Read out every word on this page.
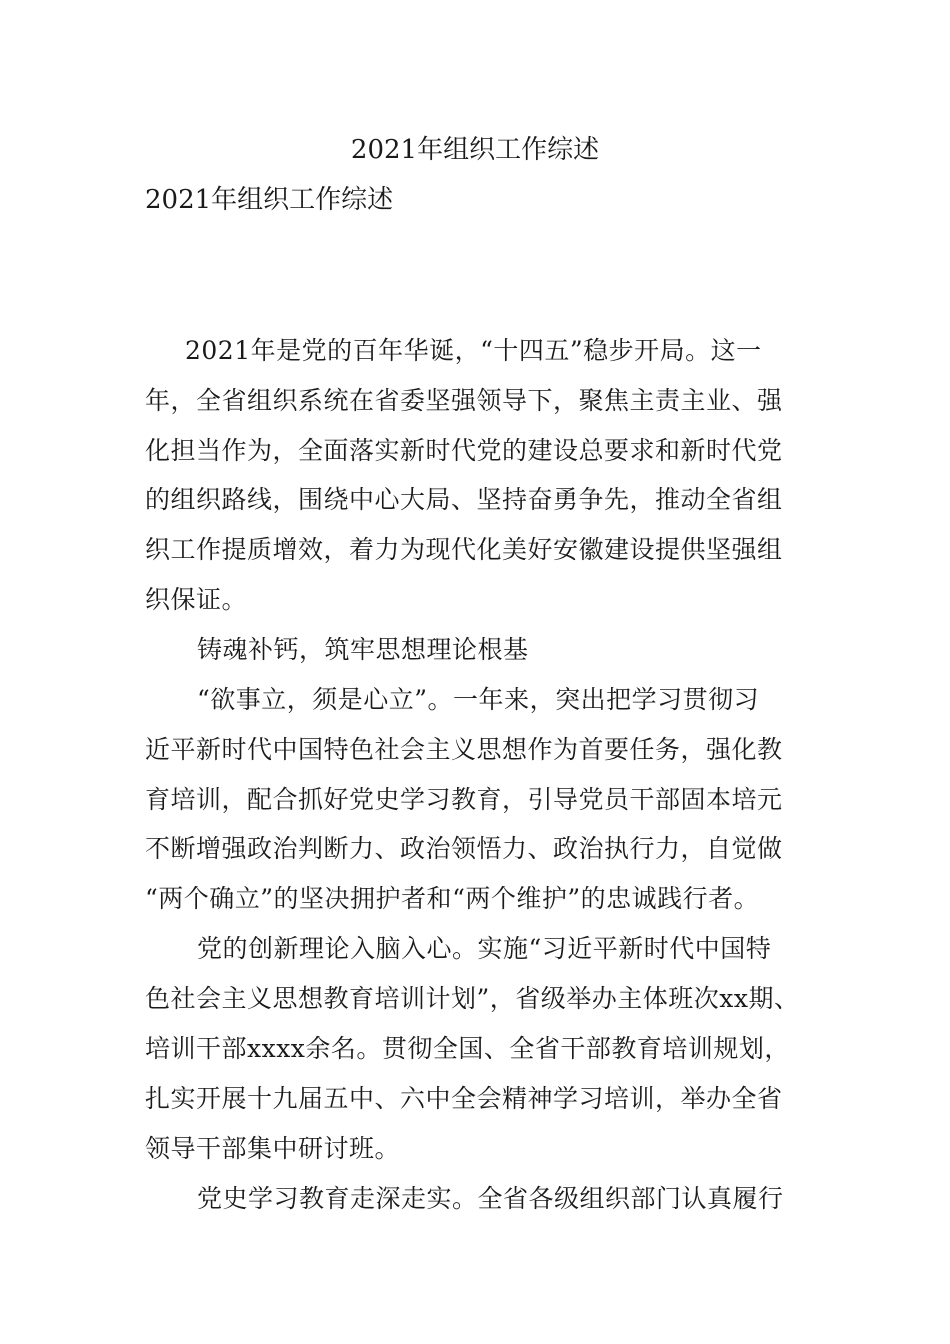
2021年组织工作综述
2021年组织工作综述
2021年是党的百年华诞，“十四五”稳步开局。这一
年，全省组织系统在省委坚强领导下，聚焦主责主业、强
化担当作为，全面落实新时代党的建设总要求和新时代党
的组织路线，围绕中心大局、坚持奋勇争先，推动全省组
织工作提质增效，着力为现代化美好安徽建设提供坚强组
织保证。
铸魂补钙，筑牢思想理论根基
“欲事立，须是心立”。一年来，突出把学习贯彻习
近平新时代中国特色社会主义思想作为首要任务，强化教
育培训，配合抓好党史学习教育，引导党员干部固本培元
不断增强政治判断力、政治领悟力、政治执行力，自觉做
“两个确立”的坚决拥护者和“两个维护”的忠诚践行者。
党的创新理论入脑入心。实施“习近平新时代中国特
色社会主义思想教育培训计划”，省级举办主体班次xx期、
培训干部xxxx余名。贯彻全国、全省干部教育培训规划，
扎实开展十九届五中、六中全会精神学习培训，举办全省
领导干部集中研讨班。
党史学习教育走深走实。全省各级组织部门认真履行
